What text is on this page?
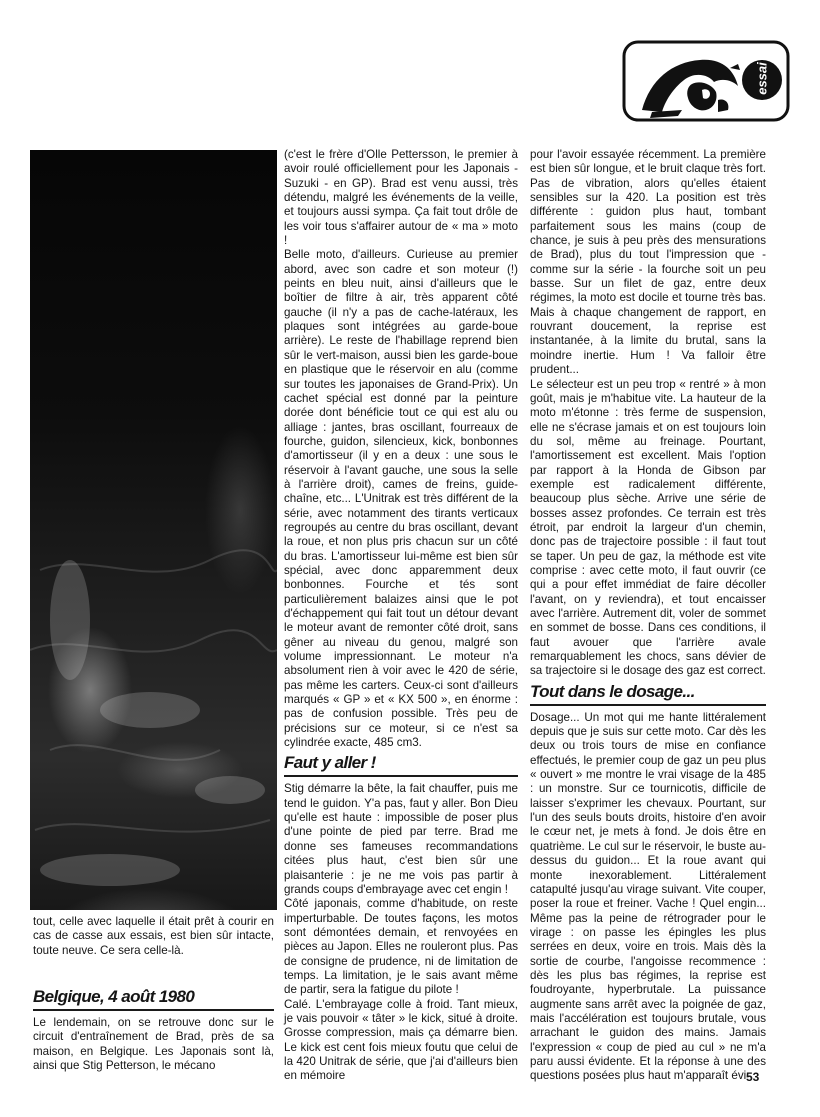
essai

tout, celle avec laquelle il était prêt à courir en cas de casse aux essais, est bien sûr intacte, toute neuve. Ce sera celle-là.

Belgique, 4 août 1980

Le lendemain, on se retrouve donc sur le circuit d'entraînement de Brad, près de sa maison, en Belgique. Les Japonais sont là, ainsi que Stig Petterson, le mécano

(c'est le frère d'Olle Pettersson, le premier à avoir roulé officiellement pour les Japonais - Suzuki - en GP). Brad est venu aussi, très détendu, malgré les événements de la veille, et toujours aussi sympa. Ça fait tout drôle de les voir tous s'affairer autour de « ma » moto !

Belle moto, d'ailleurs. Curieuse au premier abord, avec son cadre et son moteur (!) peints en bleu nuit, ainsi d'ailleurs que le boîtier de filtre à air, très apparent côté gauche (il n'y a pas de cache-latéraux, les plaques sont intégrées au garde-boue arrière). Le reste de l'habillage reprend bien sûr le vert-maison, aussi bien les garde-boue en plastique que le réservoir en alu (comme sur toutes les japonaises de Grand-Prix). Un cachet spécial est donné par la peinture dorée dont bénéficie tout ce qui est alu ou alliage : jantes, bras oscillant, fourreaux de fourche, guidon, silencieux, kick, bonbonnes d'amortisseur (il y en a deux : une sous le réservoir à l'avant gauche, une sous la selle à l'arrière droit), cames de freins, guide-chaîne, etc... L'Unitrak est très différent de la série, avec notamment des tirants verticaux regroupés au centre du bras oscillant, devant la roue, et non plus pris chacun sur un côté du bras. L'amortisseur lui-même est bien sûr spécial, avec donc apparemment deux bonbonnes. Fourche et tés sont particulièrement balaizes ainsi que le pot d'échappement qui fait tout un détour devant le moteur avant de remonter côté droit, sans gêner au niveau du genou, malgré son volume impressionnant. Le moteur n'a absolument rien à voir avec le 420 de série, pas même les carters. Ceux-ci sont d'ailleurs marqués « GP » et « KX 500 », en énorme : pas de confusion possible. Très peu de précisions sur ce moteur, si ce n'est sa cylindrée exacte, 485 cm3.

Faut y aller !

Stig démarre la bête, la fait chauffer, puis me tend le guidon. Y'a pas, faut y aller. Bon Dieu qu'elle est haute : impossible de poser plus d'une pointe de pied par terre. Brad me donne ses fameuses recommandations citées plus haut, c'est bien sûr une plaisanterie : je ne me vois pas partir à grands coups d'embrayage avec cet engin !

Côté japonais, comme d'habitude, on reste imperturbable. De toutes façons, les motos sont démontées demain, et renvoyées en pièces au Japon. Elles ne rouleront plus. Pas de consigne de prudence, ni de limitation de temps. La limitation, je le sais avant même de partir, sera la fatigue du pilote !

Calé. L'embrayage colle à froid. Tant mieux, je vais pouvoir « tâter » le kick, situé à droite. Grosse compression, mais ça démarre bien. Le kick est cent fois mieux foutu que celui de la 420 Unitrak de série, que j'ai d'ailleurs bien en mémoire

pour l'avoir essayée récemment. La première est bien sûr longue, et le bruit claque très fort. Pas de vibration, alors qu'elles étaient sensibles sur la 420. La position est très différente : guidon plus haut, tombant parfaitement sous les mains (coup de chance, je suis à peu près des mensurations de Brad), plus du tout l'impression que - comme sur la série - la fourche soit un peu basse. Sur un filet de gaz, entre deux régimes, la moto est docile et tourne très bas. Mais à chaque changement de rapport, en rouvrant doucement, la reprise est instantanée, à la limite du brutal, sans la moindre inertie. Hum ! Va falloir être prudent...

Le sélecteur est un peu trop « rentré » à mon goût, mais je m'habitue vite. La hauteur de la moto m'étonne : très ferme de suspension, elle ne s'écrase jamais et on est toujours loin du sol, même au freinage. Pourtant, l'amortissement est excellent. Mais l'option par rapport à la Honda de Gibson par exemple est radicalement différente, beaucoup plus sèche. Arrive une série de bosses assez profondes. Ce terrain est très étroit, par endroit la largeur d'un chemin, donc pas de trajectoire possible : il faut tout se taper. Un peu de gaz, la méthode est vite comprise : avec cette moto, il faut ouvrir (ce qui a pour effet immédiat de faire décoller l'avant, on y reviendra), et tout encaisser avec l'arrière. Autrement dit, voler de sommet en sommet de bosse. Dans ces conditions, il faut avouer que l'arrière avale remarquablement les chocs, sans dévier de sa trajectoire si le dosage des gaz est correct.

Tout dans le dosage...

Dosage... Un mot qui me hante littéralement depuis que je suis sur cette moto. Car dès les deux ou trois tours de mise en confiance effectués, le premier coup de gaz un peu plus « ouvert » me montre le vrai visage de la 485 : un monstre. Sur ce tournicotis, difficile de laisser s'exprimer les chevaux. Pourtant, sur l'un des seuls bouts droits, histoire d'en avoir le cœur net, je mets à fond. Je dois être en quatrième. Le cul sur le réservoir, le buste au-dessus du guidon... Et la roue avant qui monte inexorablement. Littéralement catapulté jusqu'au virage suivant. Vite couper, poser la roue et freiner. Vache ! Quel engin... Même pas la peine de rétrograder pour le virage : on passe les épingles les plus serrées en deux, voire en trois. Mais dès la sortie de courbe, l'angoisse recommence : dès les plus bas régimes, la reprise est foudroyante, hyperbrutale. La puissance augmente sans arrêt avec la poignée de gaz, mais l'accélération est toujours brutale, vous arrachant le guidon des mains. Jamais l'expression « coup de pied au cul » ne m'a paru aussi évidente. Et la réponse à une des questions posées plus haut m'apparaît évi-

53
